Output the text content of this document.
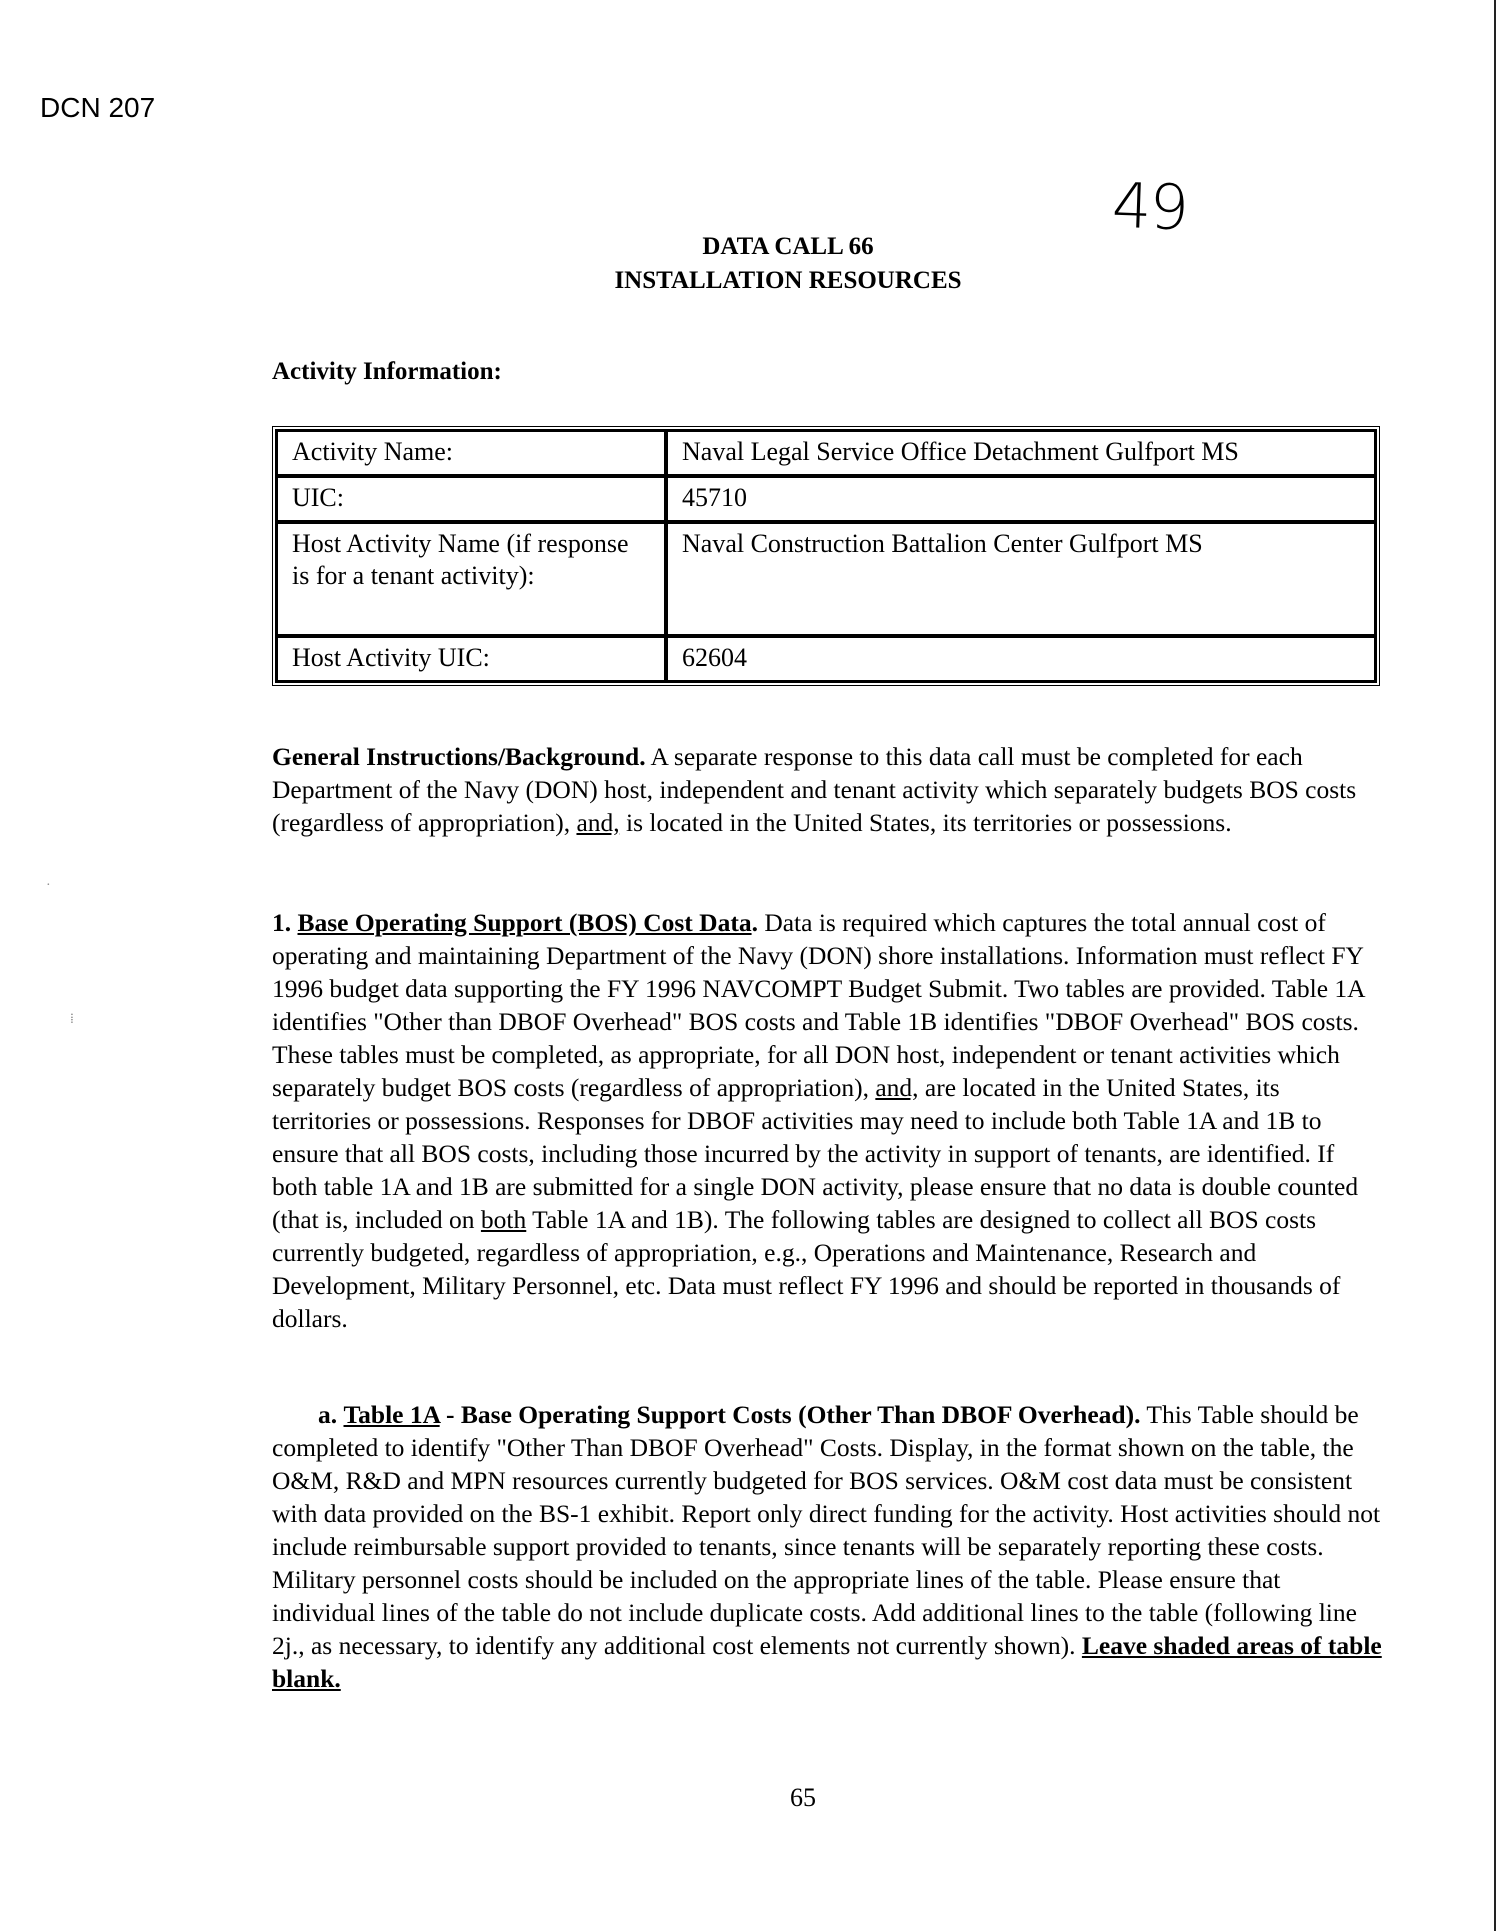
DCN 207
49
DATA CALL 66
INSTALLATION RESOURCES
Activity Information:
Activity Name:	Naval Legal Service Office Detachment Gulfport MS
UIC:	45710
Host Activity Name (if response is for a tenant activity):	Naval Construction Battalion Center Gulfport MS
Host Activity UIC:	62604
General Instructions/Background. A separate response to this data call must be completed for each Department of the Navy (DON) host, independent and tenant activity which separately budgets BOS costs (regardless of appropriation), and, is located in the United States, its territories or possessions.
1. Base Operating Support (BOS) Cost Data. Data is required which captures the total annual cost of operating and maintaining Department of the Navy (DON) shore installations. Information must reflect FY 1996 budget data supporting the FY 1996 NAVCOMPT Budget Submit. Two tables are provided. Table 1A identifies "Other than DBOF Overhead" BOS costs and Table 1B identifies "DBOF Overhead" BOS costs. These tables must be completed, as appropriate, for all DON host, independent or tenant activities which separately budget BOS costs (regardless of appropriation), and, are located in the United States, its territories or possessions. Responses for DBOF activities may need to include both Table 1A and 1B to ensure that all BOS costs, including those incurred by the activity in support of tenants, are identified. If both table 1A and 1B are submitted for a single DON activity, please ensure that no data is double counted (that is, included on both Table 1A and 1B). The following tables are designed to collect all BOS costs currently budgeted, regardless of appropriation, e.g., Operations and Maintenance, Research and Development, Military Personnel, etc. Data must reflect FY 1996 and should be reported in thousands of dollars.
a. Table 1A - Base Operating Support Costs (Other Than DBOF Overhead). This Table should be completed to identify "Other Than DBOF Overhead" Costs. Display, in the format shown on the table, the O&M, R&D and MPN resources currently budgeted for BOS services. O&M cost data must be consistent with data provided on the BS-1 exhibit. Report only direct funding for the activity. Host activities should not include reimbursable support provided to tenants, since tenants will be separately reporting these costs. Military personnel costs should be included on the appropriate lines of the table. Please ensure that individual lines of the table do not include duplicate costs. Add additional lines to the table (following line 2j., as necessary, to identify any additional cost elements not currently shown). Leave shaded areas of table blank.
65
⁞
·
